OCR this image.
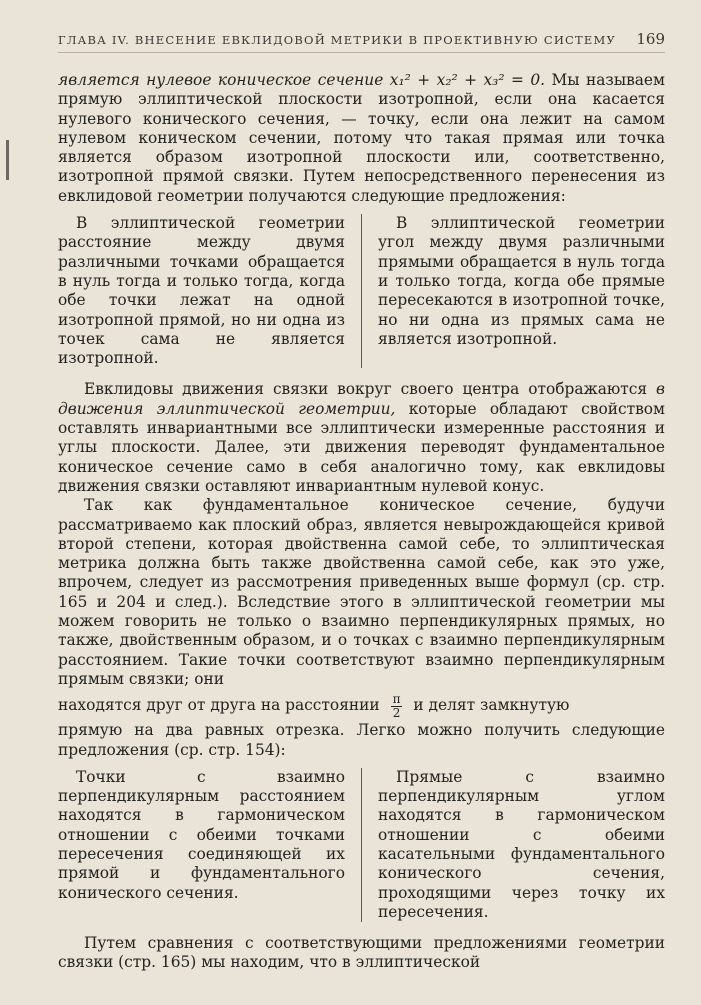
ГЛАВА IV. ВНЕСЕНИЕ ЕВКЛИДОВОЙ МЕТРИКИ В ПРОЕКТИВНУЮ СИСТЕМУ 169

является нулевое коническое сечение x₁² + x₂² + x₃² = 0. Мы называем прямую эллиптической плоскости изотропной, если она касается нулевого конического сечения, — точку, если она лежит на самом нулевом коническом сечении, потому что такая прямая или точка является образом изотропной плоскости или, соответственно, изотропной прямой связки. Путем непосредственного перенесения из евклидовой геометрии получаются следующие предложения:

В эллиптической геометрии расстояние между двумя различными точками обращается в нуль тогда и только тогда, когда обе точки лежат на одной изотропной прямой, но ни одна из точек сама не является изотропной.
В эллиптической геометрии угол между двумя различными прямыми обращается в нуль тогда и только тогда, когда обе прямые пересекаются в изотропной точке, но ни одна из прямых сама не является изотропной.

Евклидовы движения связки вокруг своего центра отображаются в движения эллиптической геометрии, которые обладают свойством оставлять инвариантными все эллиптически измеренные расстояния и углы плоскости. Далее, эти движения переводят фундаментальное коническое сечение само в себя аналогично тому, как евклидовы движения связки оставляют инвариантным нулевой конус.

Так как фундаментальное коническое сечение, будучи рассматриваемо как плоский образ, является невырождающейся кривой второй степени, которая двойственна самой себе, то эллиптическая метрика должна быть также двойственна самой себе, как это уже, впрочем, следует из рассмотрения приведенных выше формул (ср. стр. 165 и 204 и след.). Вследствие этого в эллиптической геометрии мы можем говорить не только о взаимно перпендикулярных прямых, но также, двойственным образом, и о точках с взаимно перпендикулярным расстоянием. Такие точки соответствуют взаимно перпендикулярным прямым связки; они

находятся друг от друга на расстоянии $\frac{\pi}{2}$ и делят замкнутую

прямую на два равных отрезка. Легко можно получить следующие предложения (ср. стр. 154):

Точки с взаимно перпендикулярным расстоянием находятся в гармоническом отношении с обеими точками пересечения соединяющей их прямой и фундаментального конического сечения.
Прямые с взаимно перпендикулярным углом находятся в гармоническом отношении с обеими касательными фундаментального конического сечения, проходящими через точку их пересечения.

Путем сравнения с соответствующими предложениями геометрии связки (стр. 165) мы находим, что в эллиптической
